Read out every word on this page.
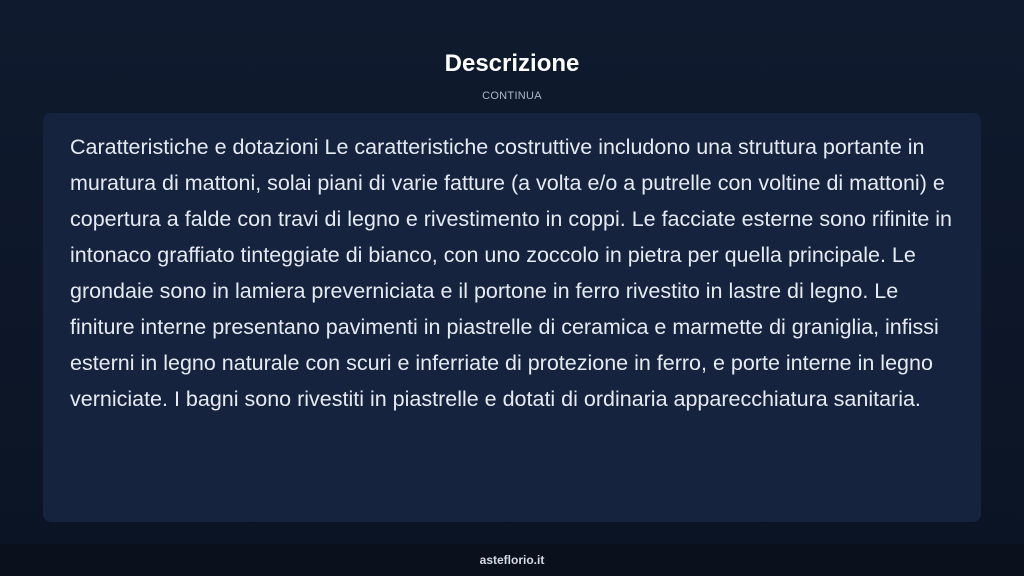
Descrizione
CONTINUA

Caratteristiche e dotazioni Le caratteristiche costruttive includono una struttura portante in muratura di mattoni, solai piani di varie fatture (a volta e/o a putrelle con voltine di mattoni) e copertura a falde con travi di legno e rivestimento in coppi. Le facciate esterne sono rifinite in intonaco graffiato tinteggiate di bianco, con uno zoccolo in pietra per quella principale. Le grondaie sono in lamiera preverniciata e il portone in ferro rivestito in lastre di legno. Le finiture interne presentano pavimenti in piastrelle di ceramica e marmette di graniglia, infissi esterni in legno naturale con scuri e inferriate di protezione in ferro, e porte interne in legno verniciate. I bagni sono rivestiti in piastrelle e dotati di ordinaria apparecchiatura sanitaria.

asteflorio.it
